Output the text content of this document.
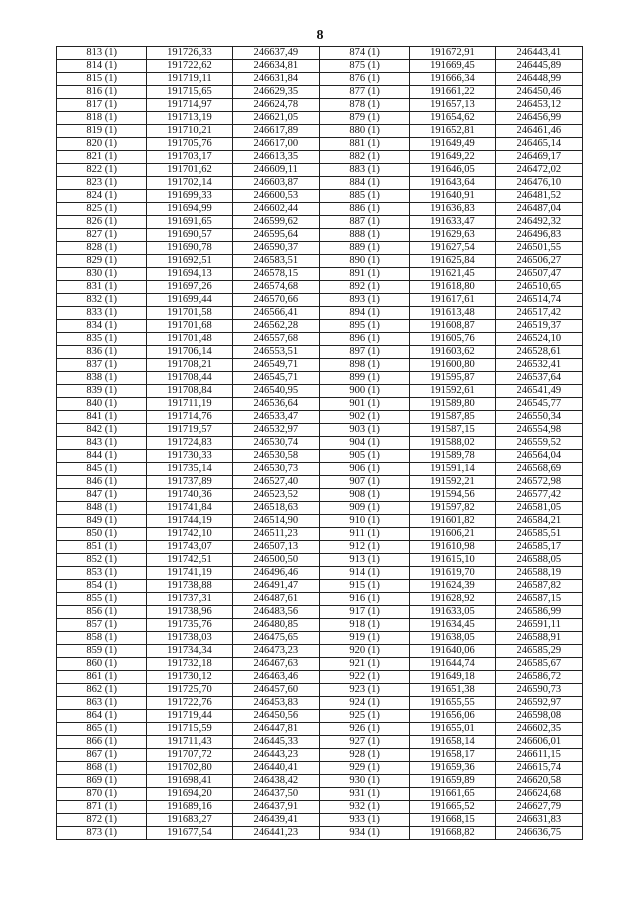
8
813 (1)	191726,33	246637,49	874 (1)	191672,91	246443,41
814 (1)	191722,62	246634,81	875 (1)	191669,45	246445,89
815 (1)	191719,11	246631,84	876 (1)	191666,34	246448,99
816 (1)	191715,65	246629,35	877 (1)	191661,22	246450,46
817 (1)	191714,97	246624,78	878 (1)	191657,13	246453,12
818 (1)	191713,19	246621,05	879 (1)	191654,62	246456,99
819 (1)	191710,21	246617,89	880 (1)	191652,81	246461,46
820 (1)	191705,76	246617,00	881 (1)	191649,49	246465,14
821 (1)	191703,17	246613,35	882 (1)	191649,22	246469,17
822 (1)	191701,62	246609,11	883 (1)	191646,05	246472,02
823 (1)	191702,14	246603,87	884 (1)	191643,64	246476,10
824 (1)	191699,33	246600,53	885 (1)	191640,91	246481,52
825 (1)	191694,99	246602,44	886 (1)	191636,83	246487,04
826 (1)	191691,65	246599,62	887 (1)	191633,47	246492,32
827 (1)	191690,57	246595,64	888 (1)	191629,63	246496,83
828 (1)	191690,78	246590,37	889 (1)	191627,54	246501,55
829 (1)	191692,51	246583,51	890 (1)	191625,84	246506,27
830 (1)	191694,13	246578,15	891 (1)	191621,45	246507,47
831 (1)	191697,26	246574,68	892 (1)	191618,80	246510,65
832 (1)	191699,44	246570,66	893 (1)	191617,61	246514,74
833 (1)	191701,58	246566,41	894 (1)	191613,48	246517,42
834 (1)	191701,68	246562,28	895 (1)	191608,87	246519,37
835 (1)	191701,48	246557,68	896 (1)	191605,76	246524,10
836 (1)	191706,14	246553,51	897 (1)	191603,62	246528,61
837 (1)	191708,21	246549,71	898 (1)	191600,80	246532,41
838 (1)	191708,44	246545,71	899 (1)	191595,87	246537,64
839 (1)	191708,84	246540,95	900 (1)	191592,61	246541,49
840 (1)	191711,19	246536,64	901 (1)	191589,80	246545,77
841 (1)	191714,76	246533,47	902 (1)	191587,85	246550,34
842 (1)	191719,57	246532,97	903 (1)	191587,15	246554,98
843 (1)	191724,83	246530,74	904 (1)	191588,02	246559,52
844 (1)	191730,33	246530,58	905 (1)	191589,78	246564,04
845 (1)	191735,14	246530,73	906 (1)	191591,14	246568,69
846 (1)	191737,89	246527,40	907 (1)	191592,21	246572,98
847 (1)	191740,36	246523,52	908 (1)	191594,56	246577,42
848 (1)	191741,84	246518,63	909 (1)	191597,82	246581,05
849 (1)	191744,19	246514,90	910 (1)	191601,82	246584,21
850 (1)	191742,10	246511,23	911 (1)	191606,21	246585,51
851 (1)	191743,07	246507,13	912 (1)	191610,98	246585,17
852 (1)	191742,51	246500,50	913 (1)	191615,10	246588,05
853 (1)	191741,19	246496,46	914 (1)	191619,70	246588,19
854 (1)	191738,88	246491,47	915 (1)	191624,39	246587,82
855 (1)	191737,31	246487,61	916 (1)	191628,92	246587,15
856 (1)	191738,96	246483,56	917 (1)	191633,05	246586,99
857 (1)	191735,76	246480,85	918 (1)	191634,45	246591,11
858 (1)	191738,03	246475,65	919 (1)	191638,05	246588,91
859 (1)	191734,34	246473,23	920 (1)	191640,06	246585,29
860 (1)	191732,18	246467,63	921 (1)	191644,74	246585,67
861 (1)	191730,12	246463,46	922 (1)	191649,18	246586,72
862 (1)	191725,70	246457,60	923 (1)	191651,38	246590,73
863 (1)	191722,76	246453,83	924 (1)	191655,55	246592,97
864 (1)	191719,44	246450,56	925 (1)	191656,06	246598,08
865 (1)	191715,59	246447,81	926 (1)	191655,01	246602,35
866 (1)	191711,43	246445,33	927 (1)	191658,14	246606,01
867 (1)	191707,72	246443,23	928 (1)	191658,17	246611,15
868 (1)	191702,80	246440,41	929 (1)	191659,36	246615,74
869 (1)	191698,41	246438,42	930 (1)	191659,89	246620,58
870 (1)	191694,20	246437,50	931 (1)	191661,65	246624,68
871 (1)	191689,16	246437,91	932 (1)	191665,52	246627,79
872 (1)	191683,27	246439,41	933 (1)	191668,15	246631,83
873 (1)	191677,54	246441,23	934 (1)	191668,82	246636,75
